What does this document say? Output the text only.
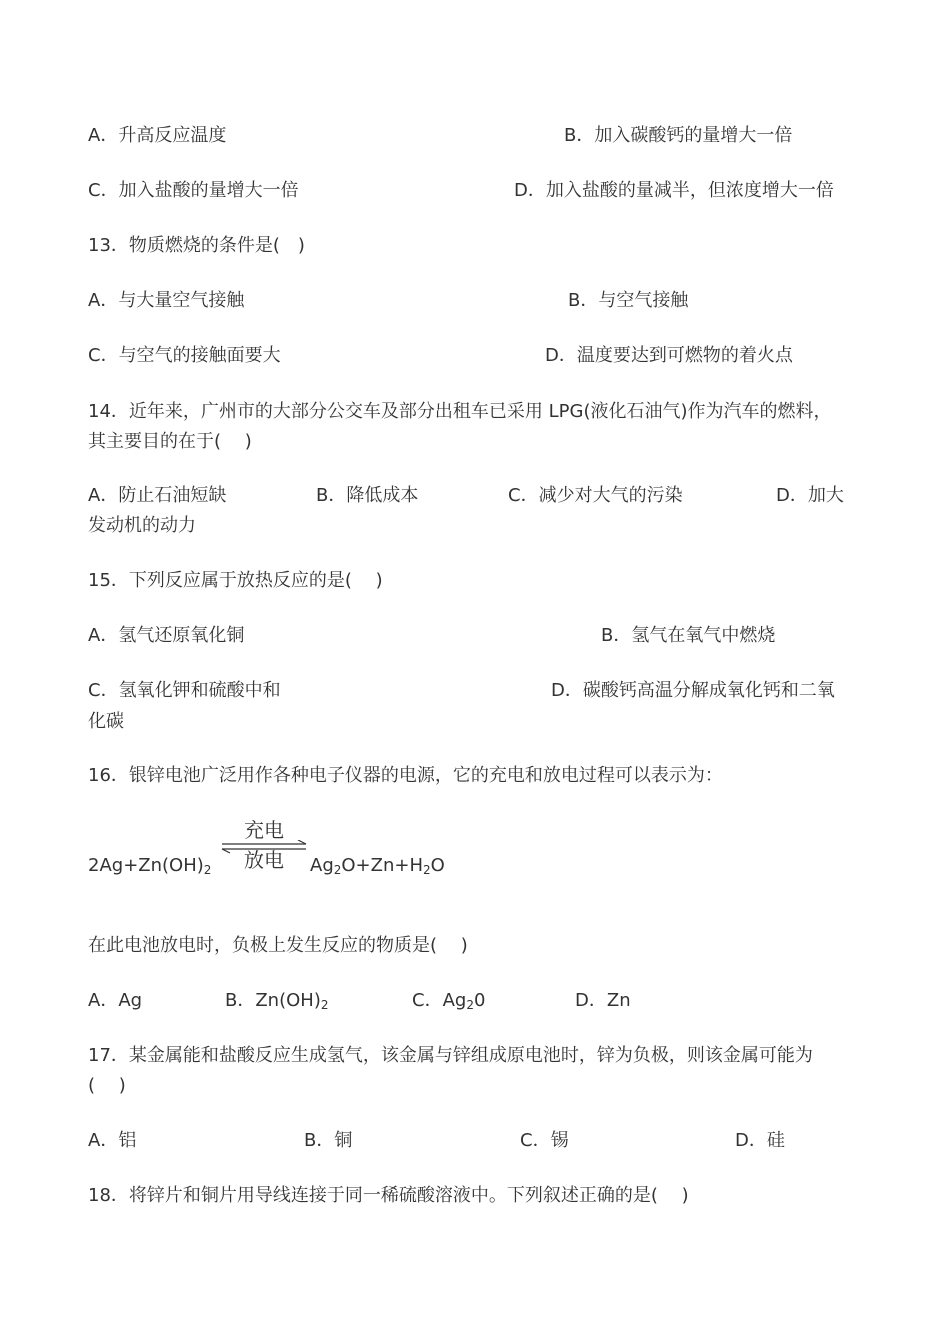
A．升高反应温度	B．加入碳酸钙的量增大一倍
C．加入盐酸的量增大一倍	D．加入盐酸的量减半，但浓度增大一倍
13．物质燃烧的条件是(　)
A．与大量空气接触	B．与空气接触
C．与空气的接触面要大	D．温度要达到可燃物的着火点
14．近年来，广州市的大部分公交车及部分出租车已采用 LPG(液化石油气)作为汽车的燃料，
其主要目的在于(　 )
A．防止石油短缺	B．降低成本	C．减少对大气的污染	D．加大
发动机的动力
15．下列反应属于放热反应的是(　 )
A．氢气还原氧化铜	B．氢气在氧气中燃烧
C．氢氧化钾和硫酸中和	D．碳酸钙高温分解成氧化钙和二氧
化碳
16．银锌电池广泛用作各种电子仪器的电源，它的充电和放电过程可以表示为：
$2Ag+Zn(OH)_2$
充电
放电	$Ag_2O+Zn+H_2O$
在此电池放电时，负极上发生反应的物质是(　 )
A．Ag	B．$Zn(OH)_2$	C．$Ag_20$	D．Zn
17．某金属能和盐酸反应生成氢气，该金属与锌组成原电池时，锌为负极，则该金属可能为
(　 )
A．铝	B．铜	C．锡	D．硅
18．将锌片和铜片用导线连接于同一稀硫酸溶液中。下列叙述正确的是(　 )
